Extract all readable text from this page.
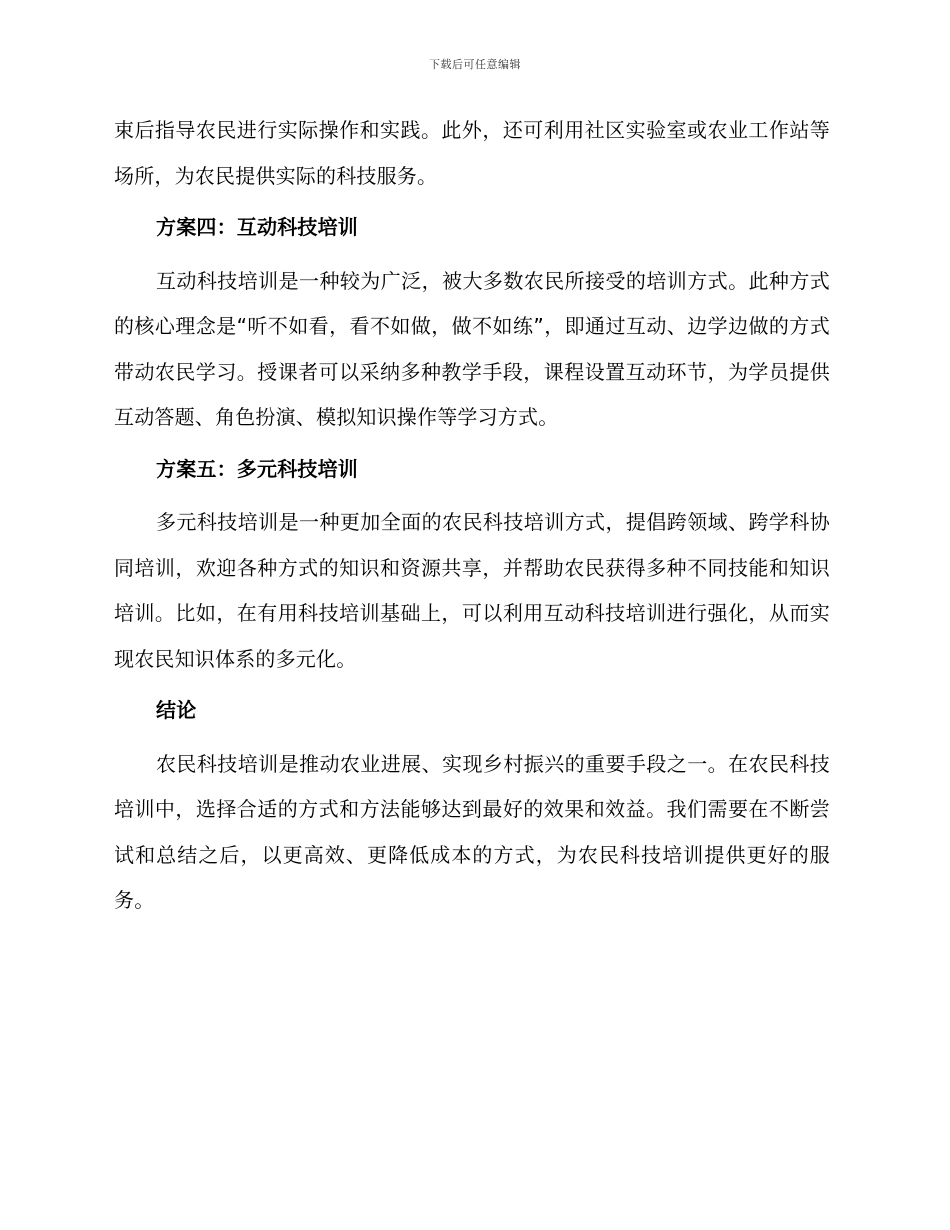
下载后可任意编辑

束后指导农民进行实际操作和实践。此外，还可利用社区实验室或农业工作站等场所，为农民提供实际的科技服务。

方案四：互动科技培训

互动科技培训是一种较为广泛，被大多数农民所接受的培训方式。此种方式的核心理念是“听不如看，看不如做，做不如练”，即通过互动、边学边做的方式带动农民学习。授课者可以采纳多种教学手段，课程设置互动环节，为学员提供互动答题、角色扮演、模拟知识操作等学习方式。

方案五：多元科技培训

多元科技培训是一种更加全面的农民科技培训方式，提倡跨领域、跨学科协同培训，欢迎各种方式的知识和资源共享，并帮助农民获得多种不同技能和知识培训。比如，在有用科技培训基础上，可以利用互动科技培训进行强化，从而实现农民知识体系的多元化。

结论

农民科技培训是推动农业进展、实现乡村振兴的重要手段之一。在农民科技培训中，选择合适的方式和方法能够达到最好的效果和效益。我们需要在不断尝试和总结之后，以更高效、更降低成本的方式，为农民科技培训提供更好的服务。
